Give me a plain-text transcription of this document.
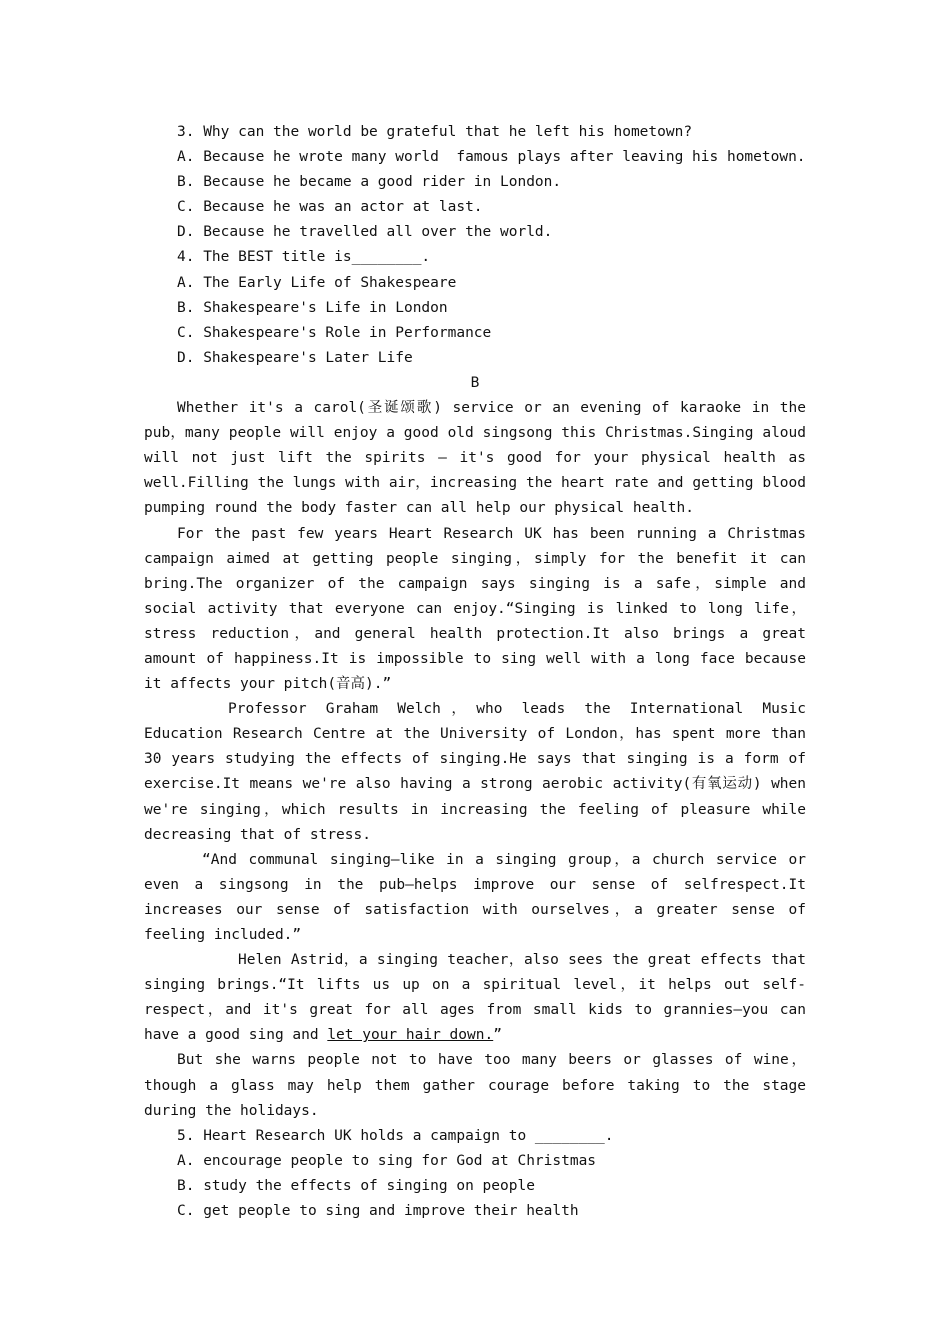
3. Why can the world be grateful that he left his hometown?
A. Because he wrote many world  famous plays after leaving his hometown.
B. Because he became a good rider in London.
C. Because he was an actor at last.
D. Because he travelled all over the world.
4. The BEST title is________.
A. The Early Life of Shakespeare
B. Shakespeare's Life in London
C. Shakespeare's Role in Performance
D. Shakespeare's Later Life
B

Whether it's a carol(圣诞颂歌) service or an evening of karaoke in the pub，many people will enjoy a good old singsong this Christmas.Singing aloud will not just lift the spirits — it's good for your physical health as well.Filling the lungs with air，increasing the heart rate and getting blood pumping round the body faster can all help our physical health.

For the past few years Heart Research UK has been running a Christmas campaign aimed at getting people singing，simply for the benefit it can bring.The organizer of the campaign says singing is a safe，simple and social activity that everyone can enjoy.“Singing is linked to long life，stress reduction，and general health protection.It also brings a great amount of happiness.It is impossible to sing well with a long face because it affects your pitch(音高).”

Professor Graham Welch，who leads the International Music Education Research Centre at the University of London，has spent more than 30 years studying the effects of singing.He says that singing is a form of exercise.It means we're also having a strong aerobic activity(有氧运动) when we're singing，which results in increasing the feeling of pleasure while decreasing that of stress.

“And communal singing—like in a singing group，a church service or even a singsong in the pub—helps improve our sense of selfrespect.It increases our sense of satisfaction with ourselves，a greater sense of feeling included.”

Helen Astrid，a singing teacher，also sees the great effects that singing brings.“It lifts us up on a spiritual level，it helps out self-respect，and it's great for all ages from small kids to grannies—you can have a good sing and let your hair down.”

But she warns people not to have too many beers or glasses of wine，though a glass may help them gather courage before taking to the stage during the holidays.

5. Heart Research UK holds a campaign to ________.
A. encourage people to sing for God at Christmas
B. study the effects of singing on people
C. get people to sing and improve their health
